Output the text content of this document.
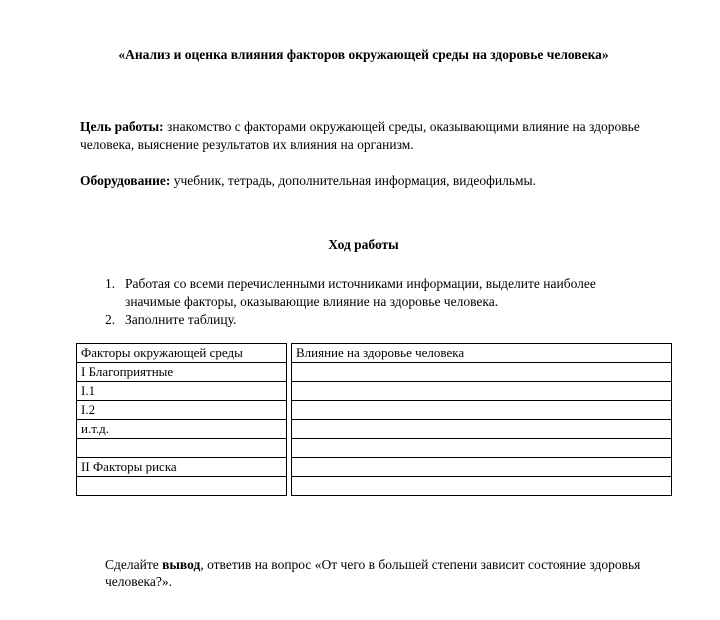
«Анализ и оценка влияния факторов окружающей среды на здоровье человека»

Цель работы: знакомство с факторами окружающей среды, оказывающими влияние на здоровье человека, выяснение результатов их влияния на организм.

Оборудование: учебник, тетрадь, дополнительная информация, видеофильмы.

Ход работы
1. Работая со всеми перечисленными источниками информации, выделите наиболее значимые факторы, оказывающие влияние на здоровье человека.
2. Заполните таблицу.
Факторы окружающей среды
I Благоприятные
I.1
I.2
и.т.д.
II Факторы риска
Влияние на здоровье человека

Сделайте вывод, ответив на вопрос «От чего в большей степени зависит состояние здоровья человека?».
